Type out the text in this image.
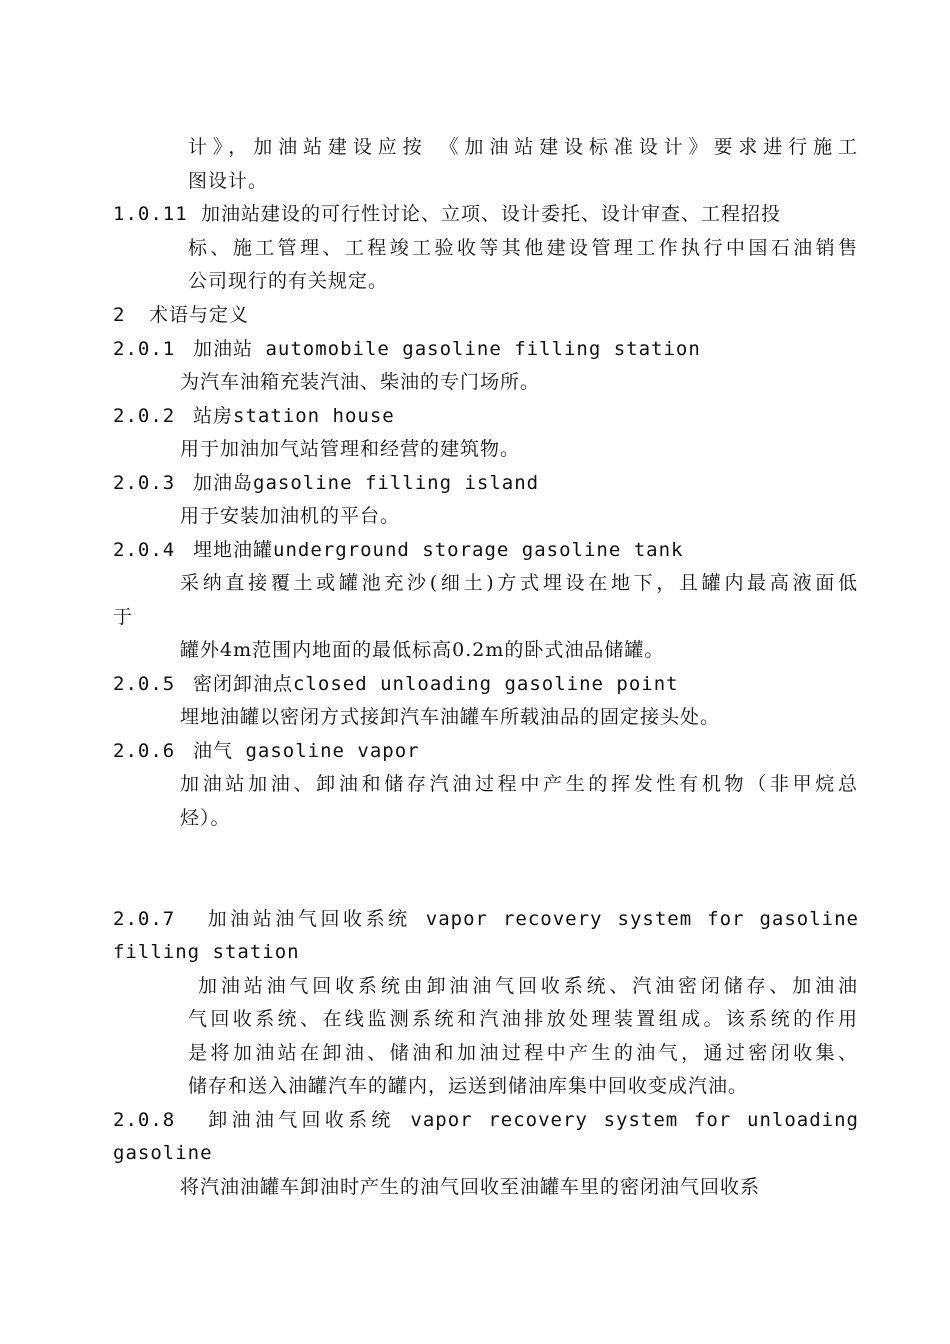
计》，加油站建设应按 《加油站建设标准设计》要求进行施工
图设计。
1.0.11 加油站建设的可行性讨论、立项、设计委托、设计审查、工程招投
标、施工管理、工程竣工验收等其他建设管理工作执行中国石油销售
公司现行的有关规定。
2 术语与定义
2.0.1 加油站 automobile gasoline filling station
为汽车油箱充装汽油、柴油的专门场所。
2.0.2 站房station house
用于加油加气站管理和经营的建筑物。
2.0.3 加油岛gasoline filling island
用于安装加油机的平台。
2.0.4 埋地油罐underground storage gasoline tank
采纳直接覆土或罐池充沙(细土)方式埋设在地下，且罐内最高液面低
于
罐外4m范围内地面的最低标高0.2m的卧式油品储罐。
2.0.5 密闭卸油点closed unloading gasoline point
埋地油罐以密闭方式接卸汽车油罐车所载油品的固定接头处。
2.0.6 油气 gasoline vapor
加油站加油、卸油和储存汽油过程中产生的挥发性有机物（非甲烷总
烃）。
2.0.7 加油站油气回收系统 vapor recovery system for gasoline
filling station
加油站油气回收系统由卸油油气回收系统、汽油密闭储存、加油油
气回收系统、在线监测系统和汽油排放处理装置组成。该系统的作用
是将加油站在卸油、储油和加油过程中产生的油气，通过密闭收集、
储存和送入油罐汽车的罐内，运送到储油库集中回收变成汽油。
2.0.8 卸油油气回收系统 vapor recovery system for unloading
gasoline
将汽油油罐车卸油时产生的油气回收至油罐车里的密闭油气回收系
